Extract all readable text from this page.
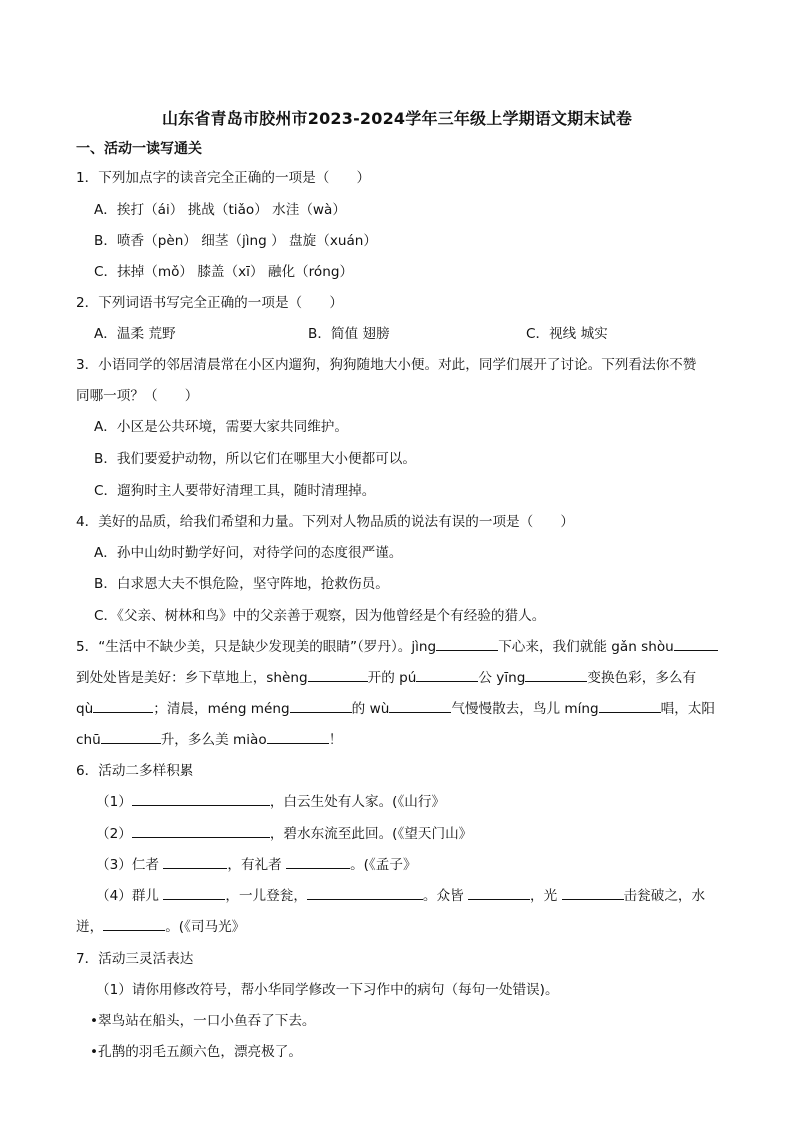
山东省青岛市胶州市2023-2024学年三年级上学期语文期末试卷
一、活动一读写通关
1．下列加点字的读音完全正确的一项是（　　）
A．挨打（ái） 挑战（tiǎo） 水洼（wà）
B．喷香（pèn） 细茎（jìng ） 盘旋（xuán）
C．抹掉（mǒ） 膝盖（xī） 融化（róng）
2．下列词语书写完全正确的一项是（　　）
A．温柔 荒野	B．简值 翅膀	C．视线 城实
3．小语同学的邻居清晨常在小区内遛狗，狗狗随地大小便。对此，同学们展开了讨论。下列看法你不赞
同哪一项？（　　）
A．小区是公共环境，需要大家共同维护。
B．我们要爱护动物，所以它们在哪里大小便都可以。
C．遛狗时主人要带好清理工具，随时清理掉。
4．美好的品质，给我们希望和力量。下列对人物品质的说法有误的一项是（　　）
A．孙中山幼时勤学好问，对待学问的态度很严谨。
B．白求恩大夫不惧危险，坚守阵地，抢救伤员。
C．《父亲、树林和鸟》中的父亲善于观察，因为他曾经是个有经验的猎人。
5．“生活中不缺少美，只是缺少发现美的眼睛”（罗丹）。jìng	下心来，我们就能 gǎn shòu
到处处皆是美好：乡下草地上，shèng	开的 pú	公 yīng	变换色彩，多么有
qù	；清晨，méng méng	的 wù	气慢慢散去，鸟儿 míng	唱，太阳
chū	升，多么美 miào	！
6．活动二多样积累
（1）	，白云生处有人家。(《山行》
（2）	，碧水东流至此回。(《望天门山》
（3）仁者	，有礼者	。(《孟子》
（4）群儿	，一儿登瓮，	。众皆	，光	击瓮破之，水
迸，	。(《司马光》
7．活动三灵活表达
（1）请你用修改符号，帮小华同学修改一下习作中的病句（每句一处错误)。
•翠鸟站在船头，一口小鱼吞了下去。
•孔鹊的羽毛五颜六色，漂亮极了。
